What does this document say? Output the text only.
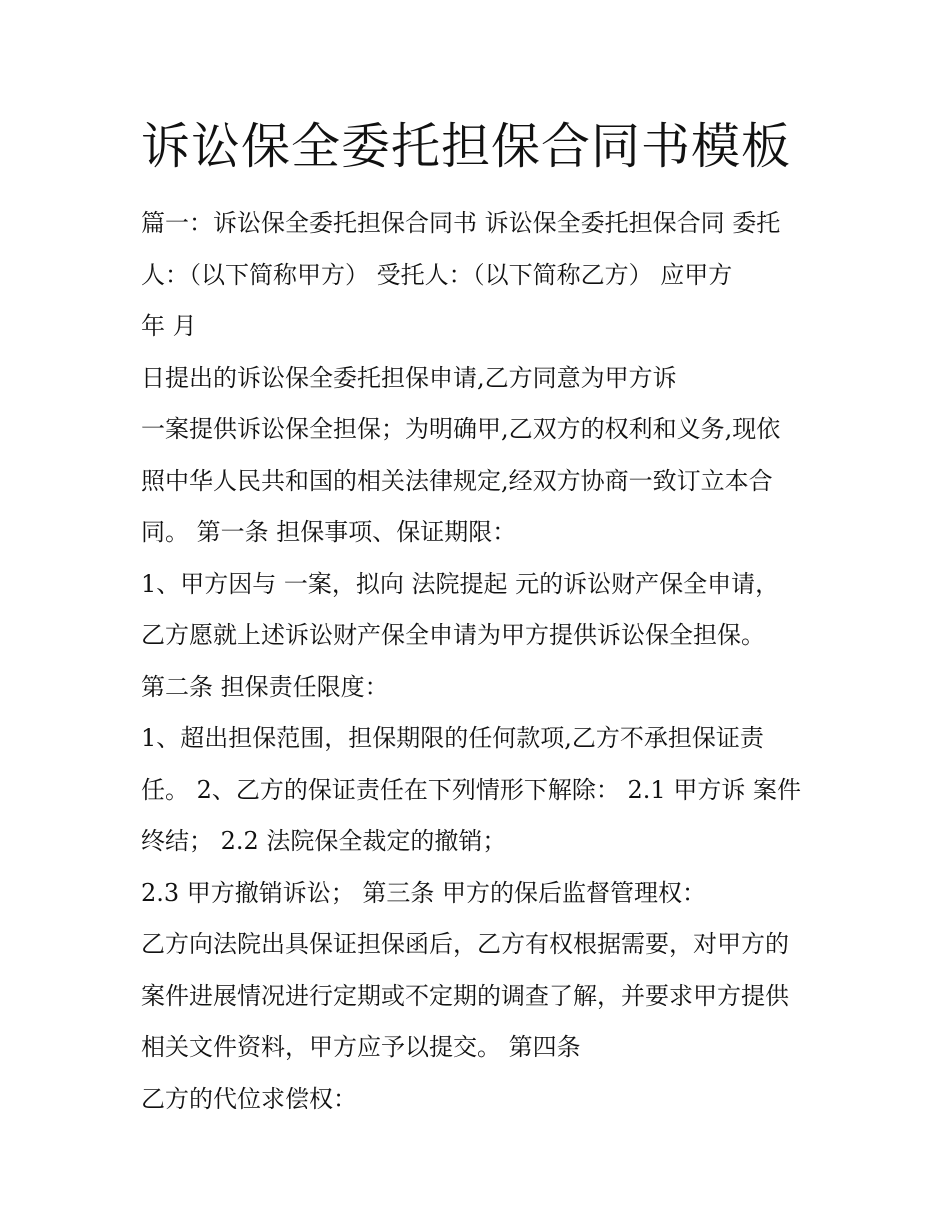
诉讼保全委托担保合同书模板
篇一：诉讼保全委托担保合同书 诉讼保全委托担保合同 委托
人：（以下简称甲方） 受托人：（以下简称乙方） 应甲方
年 月
日提出的诉讼保全委托担保申请,乙方同意为甲方诉
一案提供诉讼保全担保；为明确甲,乙双方的权利和义务,现依
照中华人民共和国的相关法律规定,经双方协商一致订立本合
同。 第一条 担保事项、保证期限：
1、甲方因与 一案，拟向 法院提起 元的诉讼财产保全申请，
乙方愿就上述诉讼财产保全申请为甲方提供诉讼保全担保。
第二条 担保责任限度：
1、超出担保范围，担保期限的任何款项,乙方不承担保证责
任。 2、乙方的保证责任在下列情形下解除： 2.1 甲方诉 案件
终结； 2.2 法院保全裁定的撤销；
2.3 甲方撤销诉讼； 第三条 甲方的保后监督管理权：
乙方向法院出具保证担保函后，乙方有权根据需要，对甲方的
案件进展情况进行定期或不定期的调查了解，并要求甲方提供
相关文件资料，甲方应予以提交。 第四条
乙方的代位求偿权：
